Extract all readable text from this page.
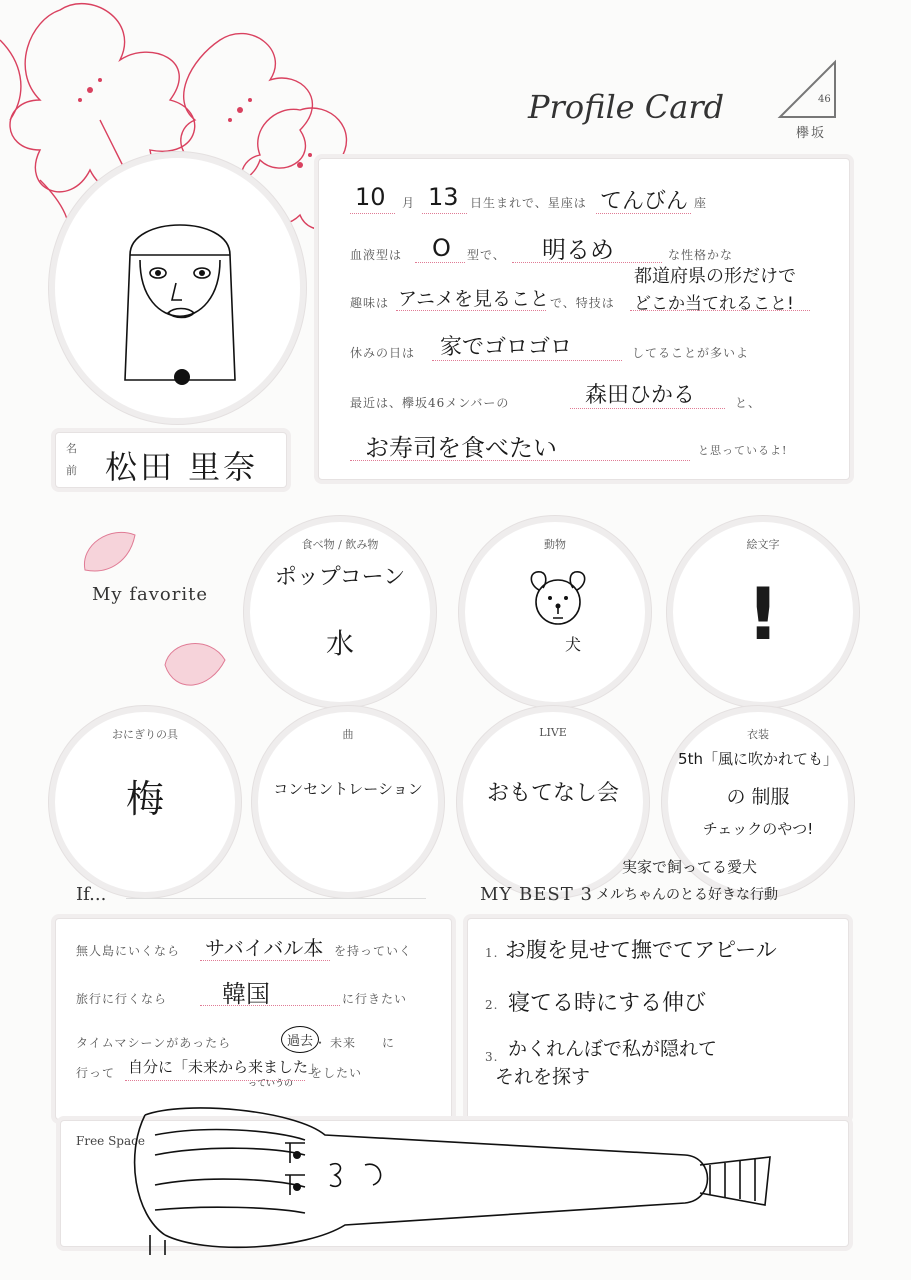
Profile Card	46
欅坂
名
前 松田 里奈
10 月 13 日生まれで、星座は てんびん 座
血液型は O 型で、 明るめ	な性格かな
趣味は アニメを見ること で、特技は
都道府県の形だけで
どこか当てれること!
休みの日は 家でゴロゴロ	してることが多いよ
最近は、欅坂46メンバーの	森田ひかる	と、
お寿司を食べたい	と思っているよ!
My favorite
食べ物 / 飲み物
ポップコーン
水
動物
犬
絵文字
!
おにぎりの具
梅
曲
コンセントレーション
LIVE
おもてなし会
衣装
5th「風に吹かれても」
の 制服
チェックのやつ!
If...
無人島にいくなら サバイバル本 を持っていく
旅行に行くなら 韓国	に行きたい
タイムマシーンがあったら	過去 ・ 未来 に
行って 自分に「未来から来ました」
っていうの
をしたい
MY BEST 3
実家で飼ってる愛犬
メルちゃんのとる好きな行動
1. お腹を見せて撫でてアピール
2. 寝てる時にする伸び
3. かくれんぼで私が隠れて
それを探す
Free Space
